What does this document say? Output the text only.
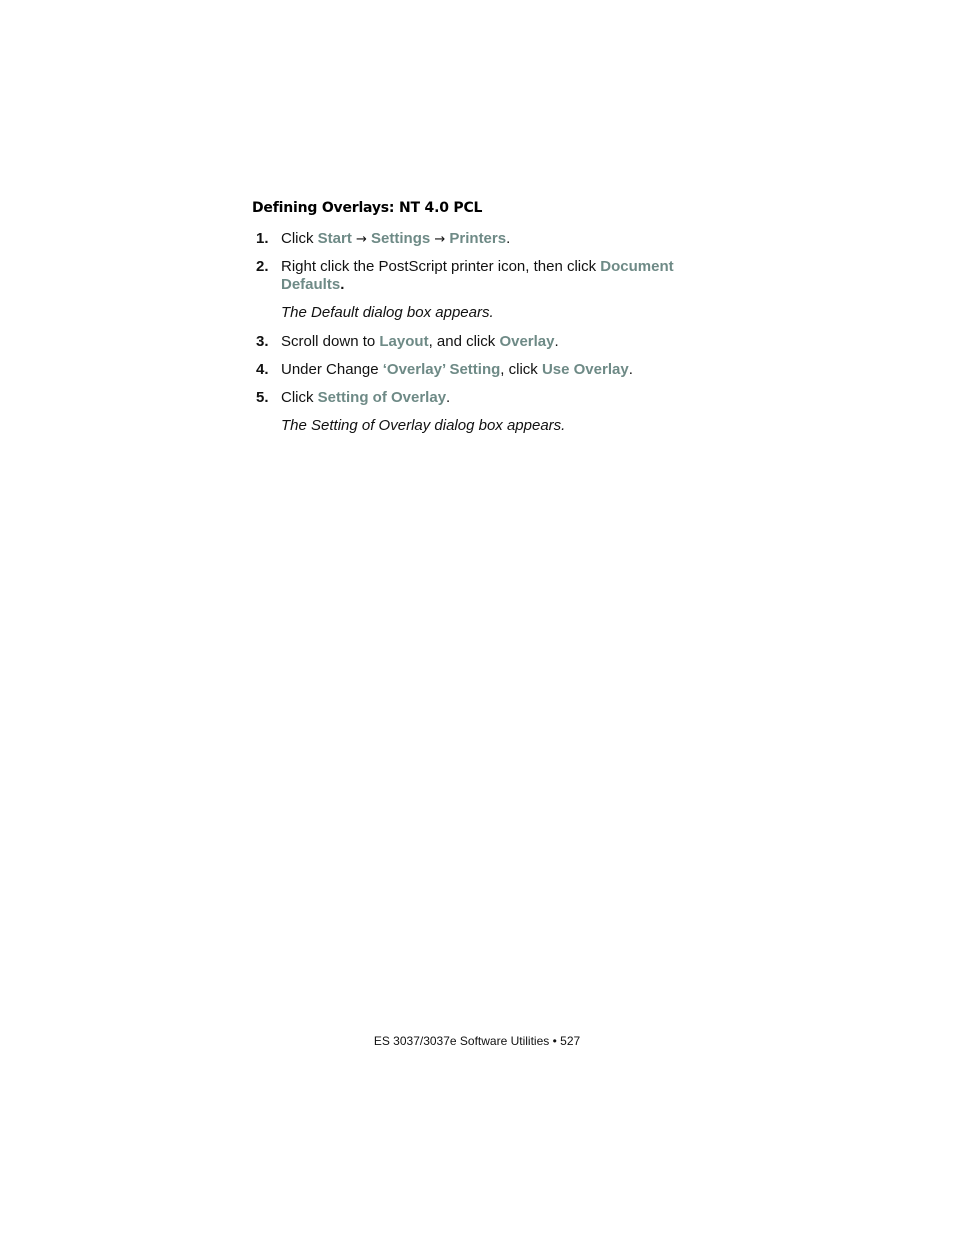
Defining Overlays: NT 4.0 PCL
1. Click Start → Settings → Printers.
2. Right click the PostScript printer icon, then click Document Defaults.
The Default dialog box appears.
3. Scroll down to Layout, and click Overlay.
4. Under Change ‘Overlay’ Setting, click Use Overlay.
5. Click Setting of Overlay.
The Setting of Overlay dialog box appears.
ES 3037/3037e Software Utilities • 527
